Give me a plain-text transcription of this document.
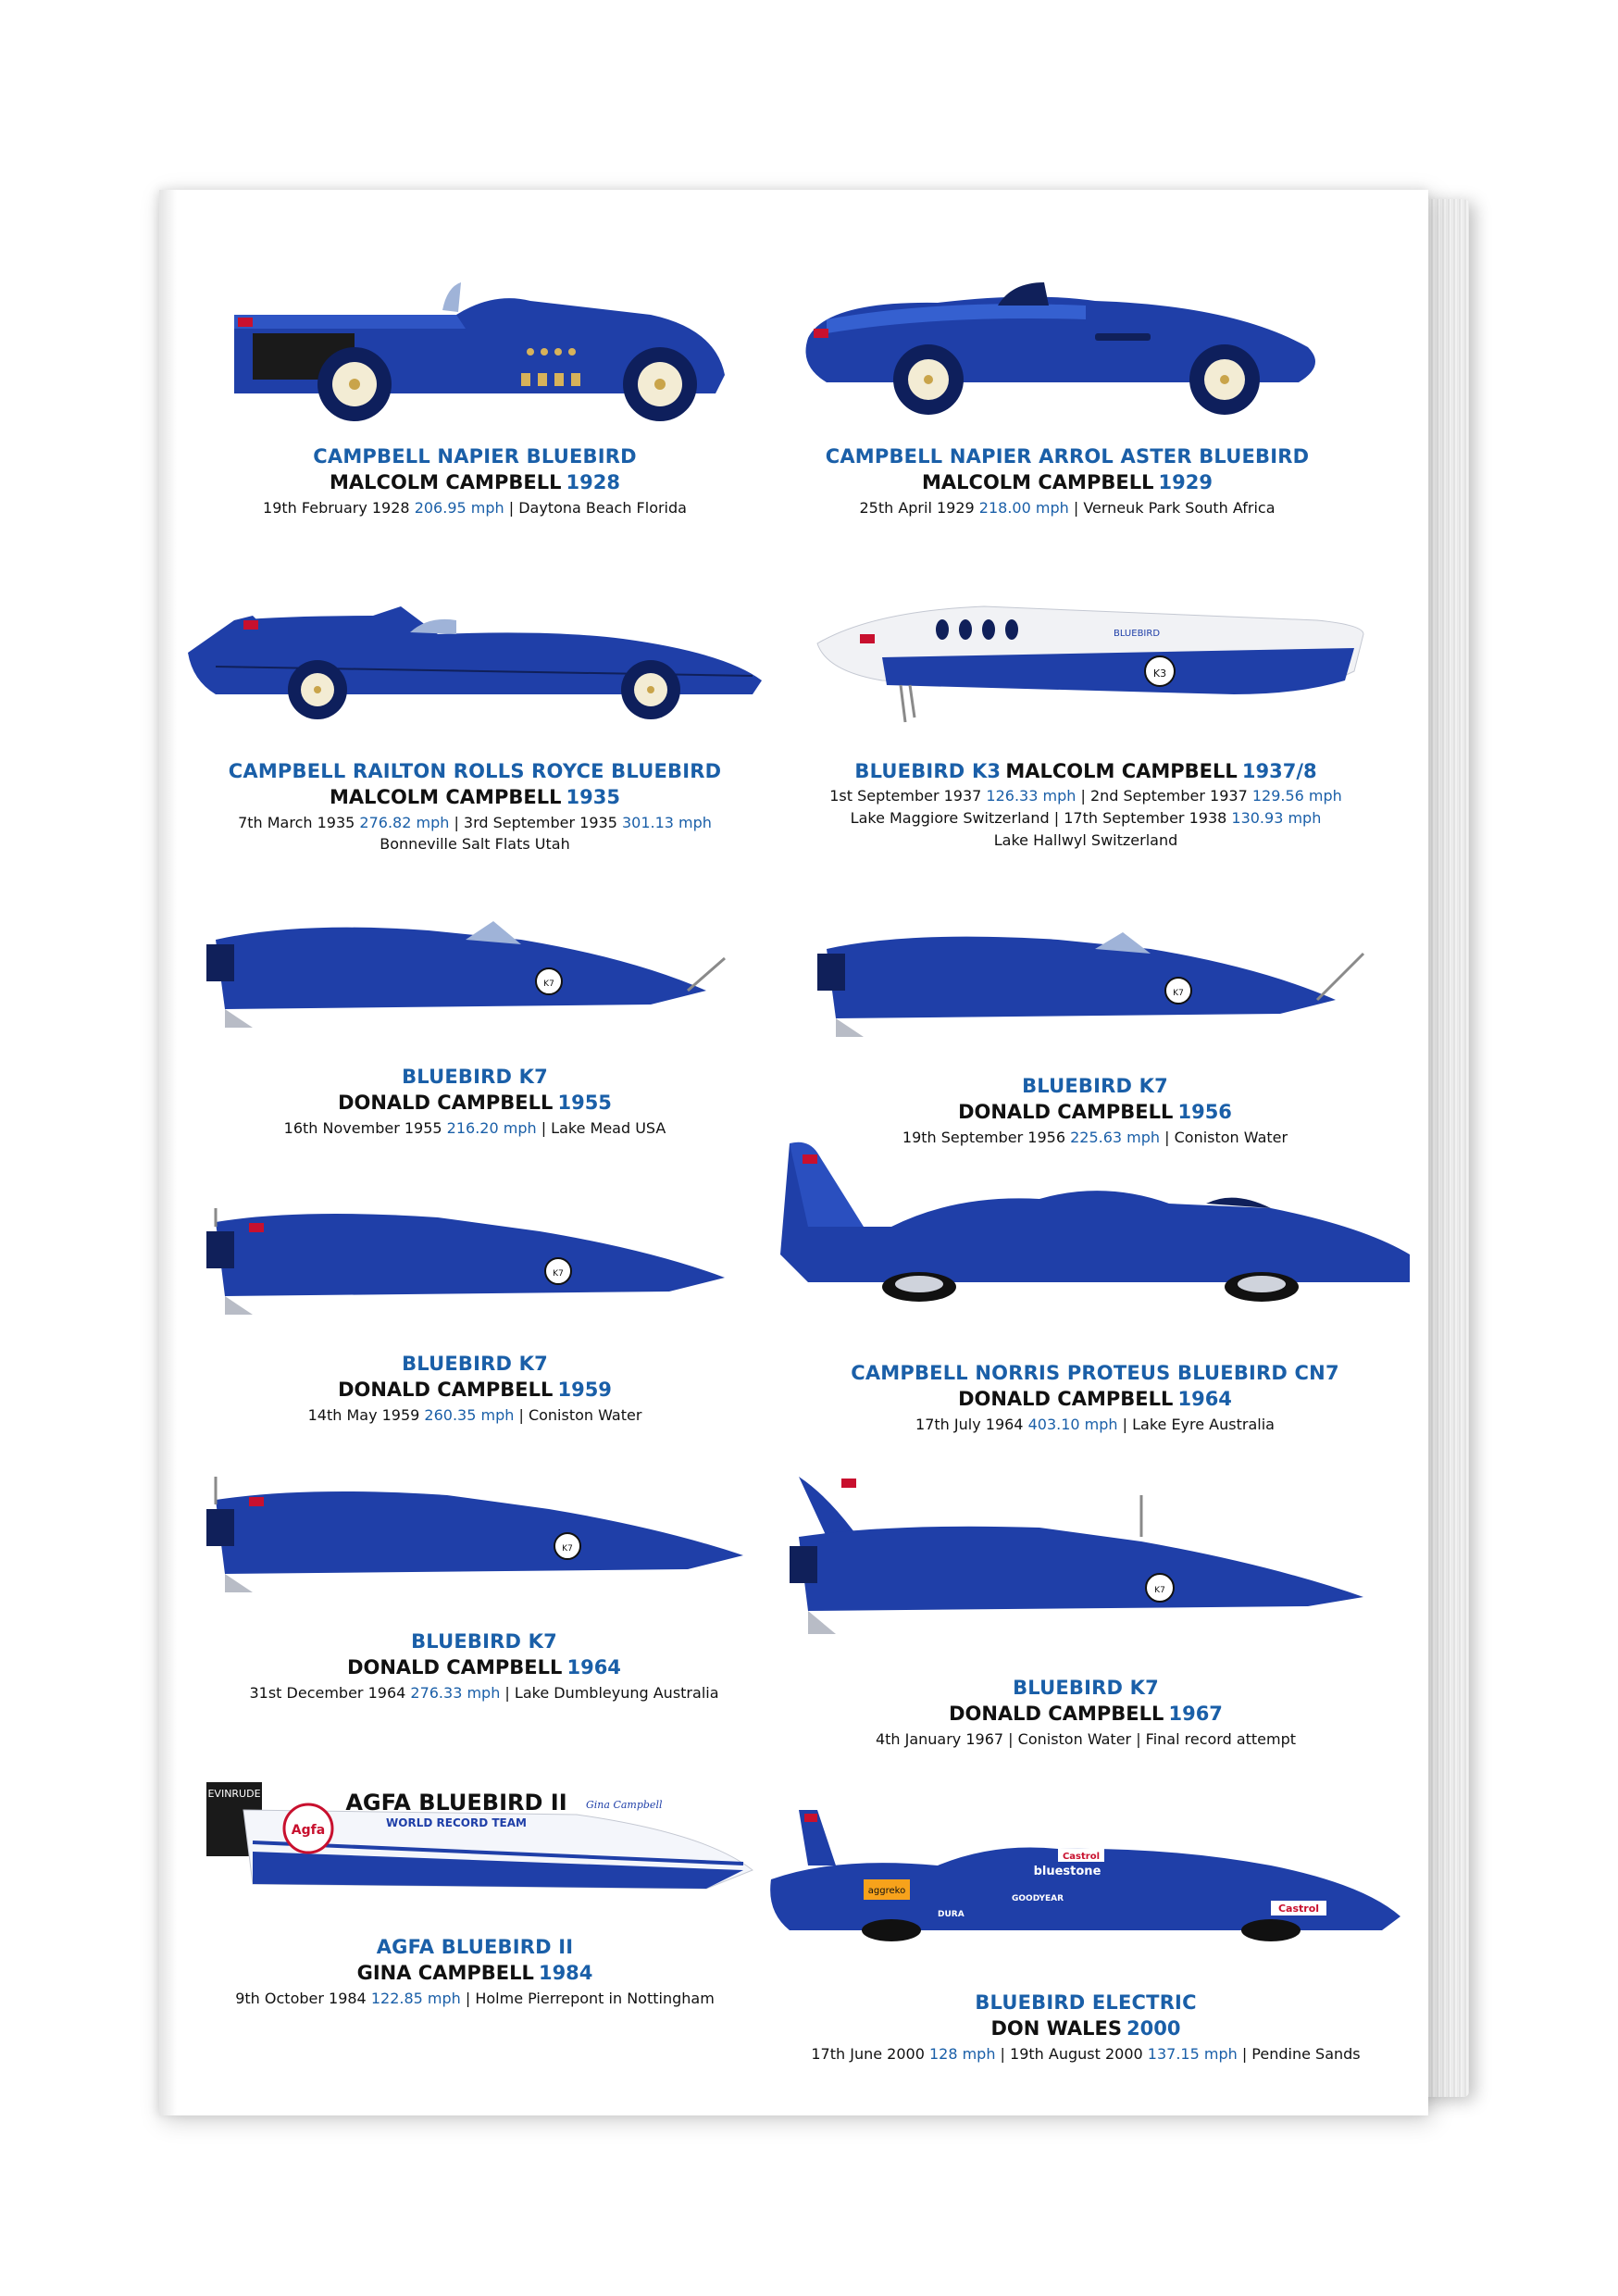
CAMPBELL NAPIER BLUEBIRD
MALCOLM CAMPBELL 1928
19th February 1928 206.95 mph | Daytona Beach Florida
CAMPBELL NAPIER ARROL ASTER BLUEBIRD
MALCOLM CAMPBELL 1929
25th April 1929 218.00 mph | Verneuk Park South Africa
CAMPBELL RAILTON ROLLS ROYCE BLUEBIRD
MALCOLM CAMPBELL 1935
7th March 1935 276.82 mph | 3rd September 1935 301.13 mph
Bonneville Salt Flats Utah
BLUEBIRD
K3
BLUEBIRD K3 MALCOLM CAMPBELL 1937/8
1st September 1937 126.33 mph | 2nd September 1937 129.56 mph
Lake Maggiore Switzerland | 17th September 1938 130.93 mph
Lake Hallwyl Switzerland
K7
BLUEBIRD K7
DONALD CAMPBELL 1955
16th November 1955 216.20 mph | Lake Mead USA
K7
BLUEBIRD K7
DONALD CAMPBELL 1956
19th September 1956 225.63 mph | Coniston Water
K7
BLUEBIRD K7
DONALD CAMPBELL 1959
14th May 1959 260.35 mph | Coniston Water
CAMPBELL NORRIS PROTEUS BLUEBIRD CN7
DONALD CAMPBELL 1964
17th July 1964 403.10 mph | Lake Eyre Australia
K7
BLUEBIRD K7
DONALD CAMPBELL 1964
31st December 1964 276.33 mph | Lake Dumbleyung Australia
K7
BLUEBIRD K7
DONALD CAMPBELL 1967
4th January 1967 | Coniston Water | Final record attempt
EVINRUDE
Agfa
AGFA BLUEBIRD II
WORLD RECORD TEAM
Gina Campbell
AGFA BLUEBIRD II
GINA CAMPBELL 1984
9th October 1984 122.85 mph | Holme Pierrepont in Nottingham
aggreko
bluestone
GOODYEAR
DURA
Castrol
Castrol
BLUEBIRD ELECTRIC
DON WALES 2000
17th June 2000 128 mph | 19th August 2000 137.15 mph | Pendine Sands
